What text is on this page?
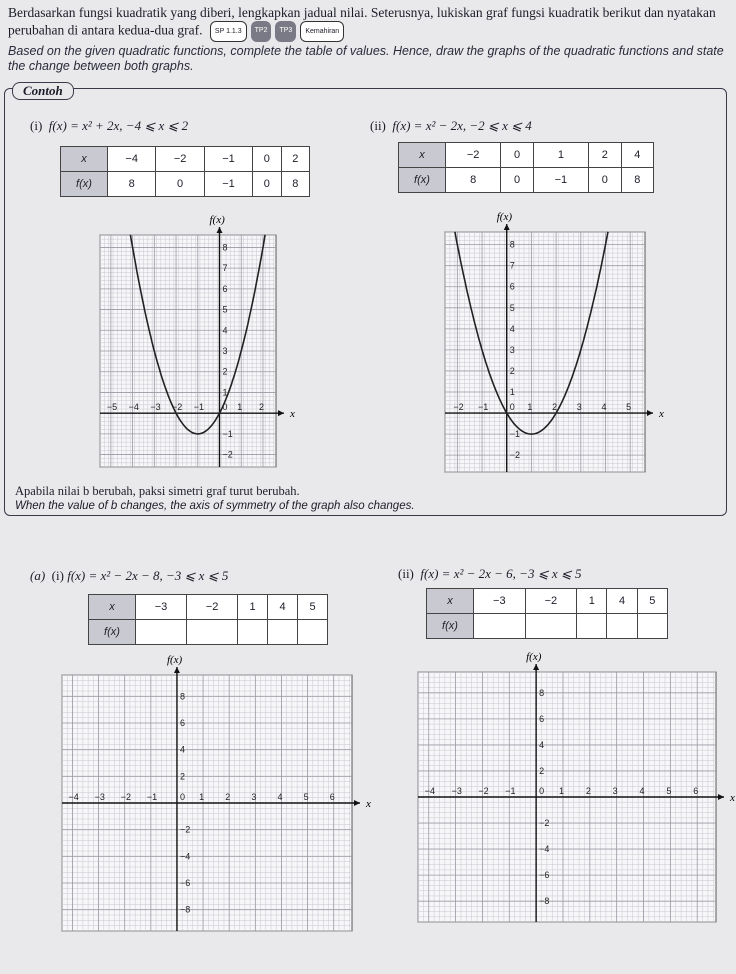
Berdasarkan fungsi kuadratik yang diberi, lengkapkan jadual nilai. Seterusnya, lukiskan graf fungsi kuadratik berikut dan nyatakan perubahan di antara kedua-dua graf.	SP 1.1.3	TP2	TP3	Kemahiran
Based on the given quadratic functions, complete the table of values. Hence, draw the graphs of the quadratic functions and state the change between both graphs.
Contoh
(i) f(x) = x² + 2x, −4 ⩽ x ⩽ 2
x	−4	−2	−1	0	2
f(x)	8	0	−1	0	8
(ii) f(x) = x² − 2x, −2 ⩽ x ⩽ 4
x	−2	0	1	2	4
f(x)	8	0	−1	0	8
x
f(x)
−5 −4 −3 −2 −1 0 1 2
8
7
6
5
4
3
2
1
−1
−2
x
f(x)
−2 −1 0 1 2 3 4 5
8
7
6
5
4
3
2
1
−1
−2
Apabila nilai b berubah, paksi simetri graf turut berubah.
When the value of b changes, the axis of symmetry of the graph also changes.
(a) (i) f(x) = x² − 2x − 8, −3 ⩽ x ⩽ 5
x	−3	−2	1	4	5
f(x)					
(ii) f(x) = x² − 2x − 6, −3 ⩽ x ⩽ 5
x	−3	−2	1	4	5
f(x)					
x
f(x)
−4 −3 −2 −1	0 1 2 3 4 5 6
8
6
4
2
−2
−4
−6
−8
x
f(x)
−4 −3 −2 −1	0 1 2 3 4 5 6
8
6
4
2
−2
−4
−6
−8
